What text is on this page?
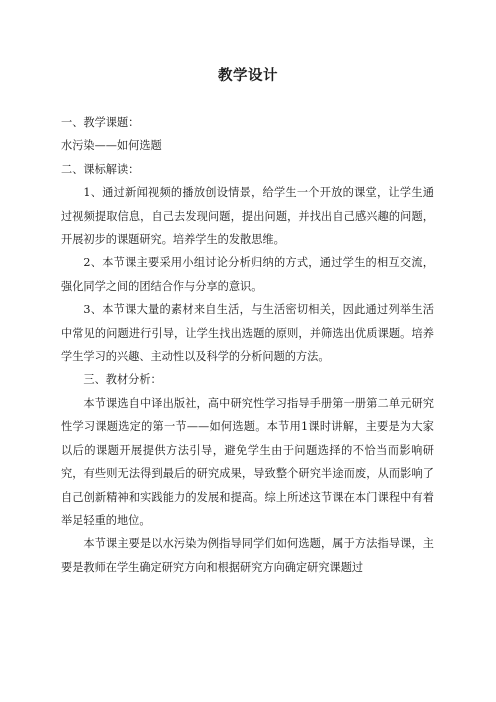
教学设计

一、教学课题：

水污染——如何选题

二、课标解读：

1、通过新闻视频的播放创设情景，给学生一个开放的课堂，让学生通过视频提取信息，自己去发现问题，提出问题，并找出自己感兴趣的问题，开展初步的课题研究。培养学生的发散思维。

2、本节课主要采用小组讨论分析归纳的方式，通过学生的相互交流，强化同学之间的团结合作与分享的意识。

3、本节课大量的素材来自生活，与生活密切相关，因此通过列举生活中常见的问题进行引导，让学生找出选题的原则，并筛选出优质课题。培养学生学习的兴趣、主动性以及科学的分析问题的方法。

三、教材分析：

本节课选自中译出版社，高中研究性学习指导手册第一册第二单元研究性学习课题选定的第一节——如何选题。本节用1课时讲解，主要是为大家以后的课题开展提供方法引导，避免学生由于问题选择的不恰当而影响研究，有些则无法得到最后的研究成果，导致整个研究半途而废，从而影响了自己创新精神和实践能力的发展和提高。综上所述这节课在本门课程中有着举足轻重的地位。

本节课主要是以水污染为例指导同学们如何选题，属于方法指导课，主要是教师在学生确定研究方向和根据研究方向确定研究课题过
